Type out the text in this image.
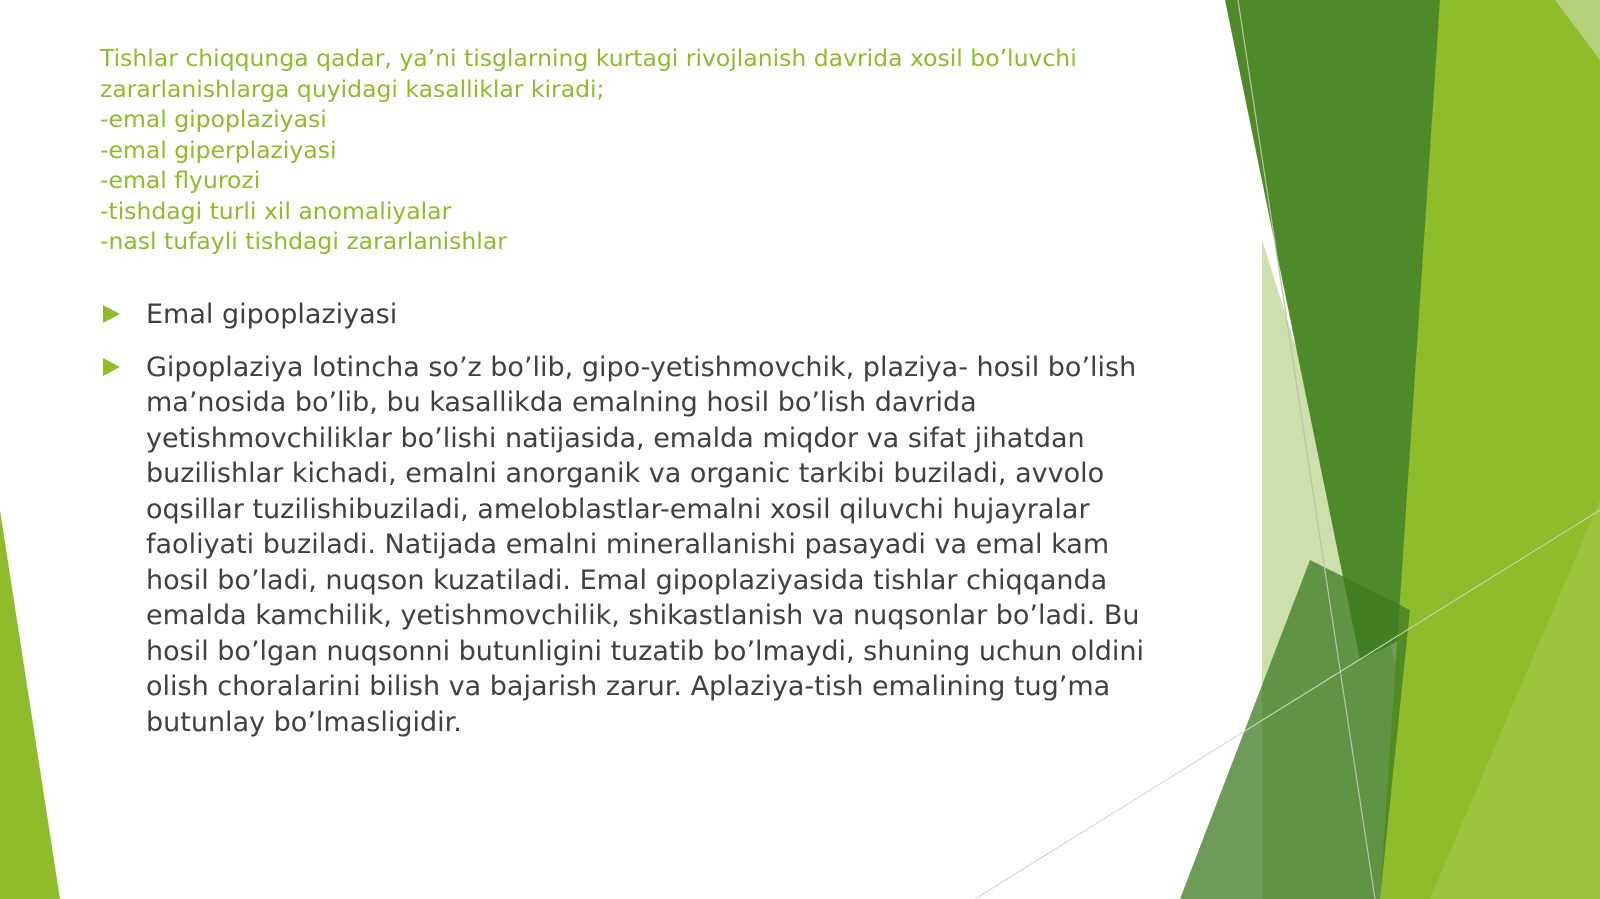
Tishlar chiqqunga qadar, ya’ni tisglarning kurtagi rivojlanish davrida xosil bo’luvchi
zararlanishlarga quyidagi kasalliklar kiradi;
-emal gipoplaziyasi
-emal giperplaziyasi
-emal flyurozi
-tishdagi turli xil anomaliyalar
-nasl tufayli tishdagi zararlanishlar
Emal gipoplaziyasi
Gipoplaziya lotincha so’z bo’lib, gipo-yetishmovchik, plaziya- hosil bo’lish
ma’nosida bo’lib, bu kasallikda emalning hosil bo’lish davrida
yetishmovchiliklar bo’lishi natijasida, emalda miqdor va sifat jihatdan
buzilishlar kichadi, emalni anorganik va organic tarkibi buziladi, avvolo
oqsillar tuzilishibuziladi, ameloblastlar-emalni xosil qiluvchi hujayralar
faoliyati buziladi. Natijada emalni minerallanishi pasayadi va emal kam
hosil bo’ladi, nuqson kuzatiladi. Emal gipoplaziyasida tishlar chiqqanda
emalda kamchilik, yetishmovchilik, shikastlanish va nuqsonlar bo’ladi. Bu
hosil bo’lgan nuqsonni butunligini tuzatib bo’lmaydi, shuning uchun oldini
olish choralarini bilish va bajarish zarur. Aplaziya-tish emalining tug’ma
butunlay bo’lmasligidir.
